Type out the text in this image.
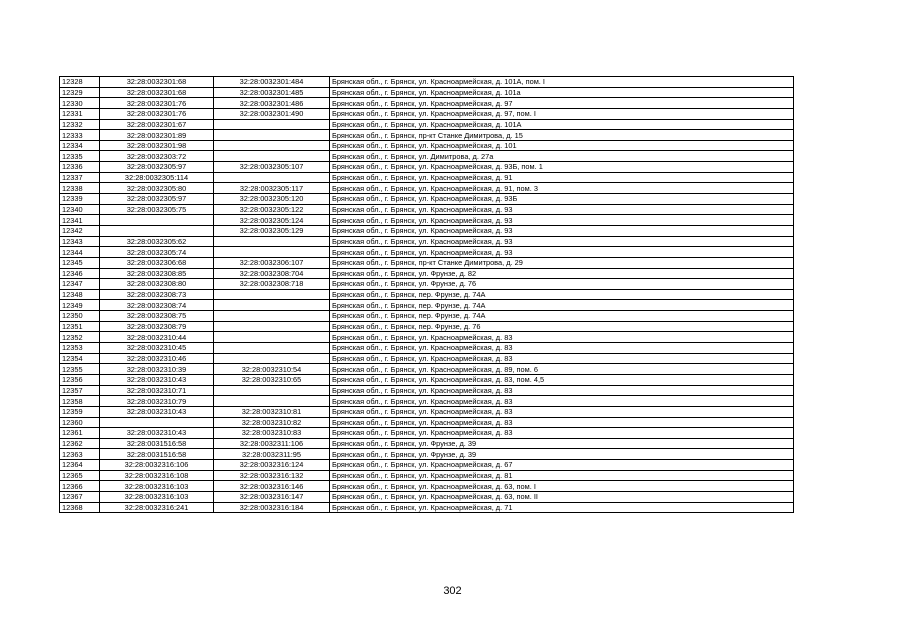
12328	32:28:0032301:68	32:28:0032301:484	Брянская обл., г. Брянск, ул. Красноармейская, д. 101А, пом. I
12329	32:28:0032301:68	32:28:0032301:485	Брянская обл., г. Брянск, ул. Красноармейская, д. 101а
12330	32:28:0032301:76	32:28:0032301:486	Брянская обл., г. Брянск, ул. Красноармейская, д. 97
12331	32:28:0032301:76	32:28:0032301:490	Брянская обл., г. Брянск, ул. Красноармейская, д. 97, пом. I
12332	32:28:0032301:67		Брянская обл., г. Брянск, ул. Красноармейская, д. 101А
12333	32:28:0032301:89		Брянская обл., г. Брянск, пр-кт Станке Димитрова, д. 15
12334	32:28:0032301:98		Брянская обл., г. Брянск, ул. Красноармейская, д. 101
12335	32:28:0032303:72		Брянская обл., г. Брянск, ул. Димитрова, д. 27а
12336	32:28:0032305:97	32:28:0032305:107	Брянская обл., г. Брянск, ул. Красноармейская, д. 93Б, пом. 1
12337	32:28:0032305:114		Брянская обл., г. Брянск, ул. Красноармейская, д. 91
12338	32:28:0032305:80	32:28:0032305:117	Брянская обл., г. Брянск, ул. Красноармейская, д. 91, пом. 3
12339	32:28:0032305:97	32:28:0032305:120	Брянская обл., г. Брянск, ул. Красноармейская, д. 93Б
12340	32:28:0032305:75	32:28:0032305:122	Брянская обл., г. Брянск, ул. Красноармейская, д. 93
12341		32:28:0032305:124	Брянская обл., г. Брянск, ул. Красноармейская, д. 93
12342		32:28:0032305:129	Брянская обл., г. Брянск, ул. Красноармейская, д. 93
12343	32:28:0032305:62		Брянская обл., г. Брянск, ул. Красноармейская, д. 93
12344	32:28:0032305:74		Брянская обл., г. Брянск, ул. Красноармейская, д. 93
12345	32:28:0032306:68	32:28:0032306:107	Брянская обл., г. Брянск, пр-кт Станке Димитрова, д. 29
12346	32:28:0032308:85	32:28:0032308:704	Брянская обл., г. Брянск, ул. Фрунзе, д. 82
12347	32:28:0032308:80	32:28:0032308:718	Брянская обл., г. Брянск, ул. Фрунзе, д. 76
12348	32:28:0032308:73		Брянская обл., г. Брянск, пер. Фрунзе, д. 74А
12349	32:28:0032308:74		Брянская обл., г. Брянск, пер. Фрунзе, д. 74А
12350	32:28:0032308:75		Брянская обл., г. Брянск, пер. Фрунзе, д. 74А
12351	32:28:0032308:79		Брянская обл., г. Брянск, пер. Фрунзе, д. 76
12352	32:28:0032310:44		Брянская обл., г. Брянск, ул. Красноармейская, д. 83
12353	32:28:0032310:45		Брянская обл., г. Брянск, ул. Красноармейская, д. 83
12354	32:28:0032310:46		Брянская обл., г. Брянск, ул. Красноармейская, д. 83
12355	32:28:0032310:39	32:28:0032310:54	Брянская обл., г. Брянск, ул. Красноармейская, д. 89, пом. 6
12356	32:28:0032310:43	32:28:0032310:65	Брянская обл., г. Брянск, ул. Красноармейская, д. 83, пом. 4,5
12357	32:28:0032310:71		Брянская обл., г. Брянск, ул. Красноармейская, д. 83
12358	32:28:0032310:79		Брянская обл., г. Брянск, ул. Красноармейская, д. 83
12359	32:28:0032310:43	32:28:0032310:81	Брянская обл., г. Брянск, ул. Красноармейская, д. 83
12360		32:28:0032310:82	Брянская обл., г. Брянск, ул. Красноармейская, д. 83
12361	32:28:0032310:43	32:28:0032310:83	Брянская обл., г. Брянск, ул. Красноармейская, д. 83
12362	32:28:0031516:58	32:28:0032311:106	Брянская обл., г. Брянск, ул. Фрунзе, д. 39
12363	32:28:0031516:58	32:28:0032311:95	Брянская обл., г. Брянск, ул. Фрунзе, д. 39
12364	32:28:0032316:106	32:28:0032316:124	Брянская обл., г. Брянск, ул. Красноармейская, д. 67
12365	32:28:0032316:108	32:28:0032316:132	Брянская обл., г. Брянск, ул. Красноармейская, д. 81
12366	32:28:0032316:103	32:28:0032316:146	Брянская обл., г. Брянск, ул. Красноармейская, д. 63, пом. I
12367	32:28:0032316:103	32:28:0032316:147	Брянская обл., г. Брянск, ул. Красноармейская, д. 63, пом. II
12368	32:28:0032316:241	32:28:0032316:184	Брянская обл., г. Брянск, ул. Красноармейская, д. 71
302
